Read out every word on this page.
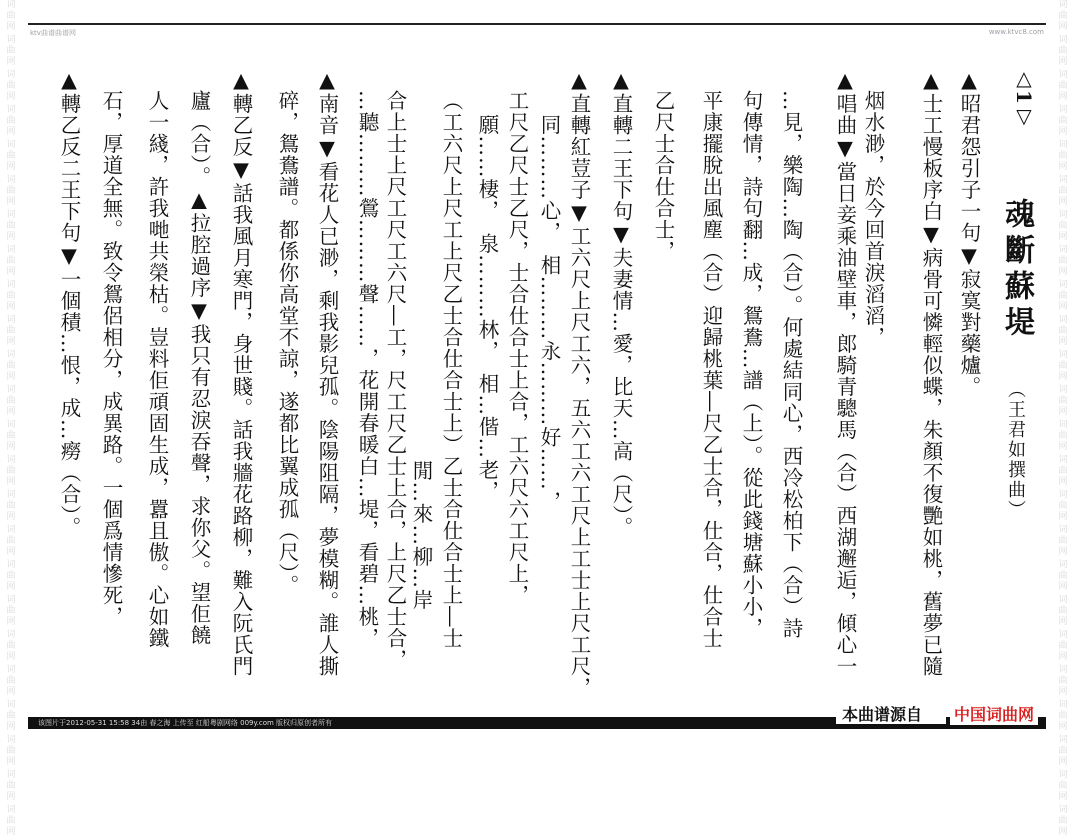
词曲网
词曲网
词曲网
词曲网
词曲网
词曲网
词曲网
词曲网
词曲网
词曲网
词曲网
词曲网
词曲网
词曲网
词曲网
词曲网
词曲网
词曲网
词曲网
词曲网
词曲网
词曲网
词曲网
词曲网
词曲网
词曲网
词曲网
词曲网
词曲网
词曲网
词曲网
词曲网
词曲网
词曲网
词曲网
词曲网
词曲网
词曲网
词曲网
词曲网
词曲网
词曲网
词曲网
词曲网
词曲网
词曲网
词曲网
词曲网
ktv曲谱曲谱网	www.ktvc8.com
△1▽
魂斷蘇堤
（王君如撰曲）
▲昭君怨引子一句▼寂寞對藥爐。
▲士工慢板序白▼病骨可憐輕似蝶，朱顏不復艷如桃，舊夢已隨
烟水渺，於今回首淚滔滔，
▲唱曲▼當日妾乘油壁車，郎騎青驄馬（合）西湖邂逅，傾心一
…見，樂陶…陶（合）。何處結同心，西冷松柏下（合）詩
句傳情，詩句翻…成，鴛鴦…譜（上）。從此錢塘蘇小小，
平康擺脫出風塵（合）迎歸桃葉―尺乙士合，仕合，仕合士
乙尺士合仕合士，
▲直轉二王下句▼夫妻情…愛，比天…高（尺）。
▲直轉紅荳子▼工六尺上尺工六，五六工六工尺上工士上尺工尺，
同………心，　相………永………好……，
工尺乙尺士乙尺，士合仕合士上合，工六尺六工尺上，
願……棲，　泉………林，　相…偕…老，
（工六尺上尺工上尺乙士合仕合士上）乙士合仕合士上―士
閒…來…柳…岸
合上士上尺工尺工六尺―工，尺工尺乙士上合，上尺乙士合，
…聽………鶯………聲……，花開春暖白…堤，看碧…桃，
▲南音▼看花人已渺，剩我影兒孤。陰陽阻隔，夢模糊。誰人撕
碎，鴛鴦譜。都係你高堂不諒，遂都比翼成孤（尺）。
▲轉乙反▼話我風月寒門，身世賤。話我牆花路柳，難入阮氏門
廬（合）。▲拉腔過序▼我只有忍淚吞聲，求你父。望佢饒
人一綫，許我哋共榮枯。豈料佢頑固生成，囂且傲。心如鐵
石，厚道全無。致令鴛侶相分，成異路。一個爲情慘死，
▲轉乙反二王下句▼一個積…恨，成…癆（合）。
该图片于2012-05-31 15:58 34由 春之海 上传至 红船粤剧网络 009y.com 版权归原创者所有	本曲谱源自 中国词曲网
